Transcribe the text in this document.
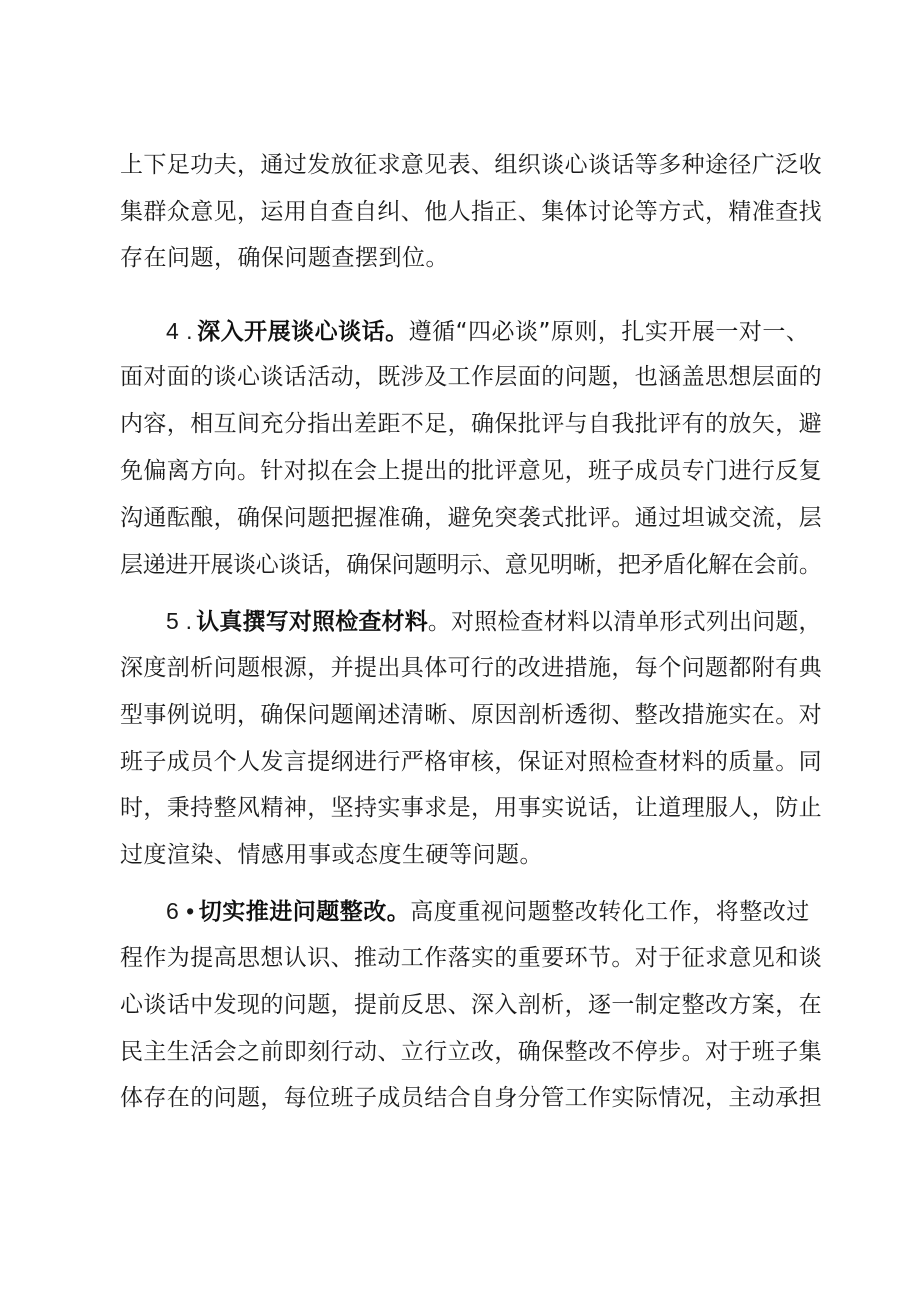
上下足功夫，通过发放征求意见表、组织谈心谈话等多种途径广泛收
集群众意见，运用自查自纠、他人指正、集体讨论等方式，精准查找
存在问题，确保问题查摆到位。
4 . 深入开展谈心谈话。遵循“四必谈”原则，扎实开展一对一、
面对面的谈心谈话活动，既涉及工作层面的问题，也涵盖思想层面的
内容，相互间充分指出差距不足，确保批评与自我批评有的放矢，避
免偏离方向。针对拟在会上提出的批评意见，班子成员专门进行反复
沟通酝酿，确保问题把握准确，避免突袭式批评。通过坦诚交流，层
层递进开展谈心谈话，确保问题明示、意见明晰，把矛盾化解在会前。
5 . 认真撰写对照检查材料。对照检查材料以清单形式列出问题，
深度剖析问题根源，并提出具体可行的改进措施，每个问题都附有典
型事例说明，确保问题阐述清晰、原因剖析透彻、整改措施实在。对
班子成员个人发言提纲进行严格审核，保证对照检查材料的质量。同
时，秉持整风精神，坚持实事求是，用事实说话，让道理服人，防止
过度渲染、情感用事或态度生硬等问题。
6 • 切实推进问题整改。高度重视问题整改转化工作，将整改过
程作为提高思想认识、推动工作落实的重要环节。对于征求意见和谈
心谈话中发现的问题，提前反思、深入剖析，逐一制定整改方案，在
民主生活会之前即刻行动、立行立改，确保整改不停步。对于班子集
体存在的问题，每位班子成员结合自身分管工作实际情况，主动承担
